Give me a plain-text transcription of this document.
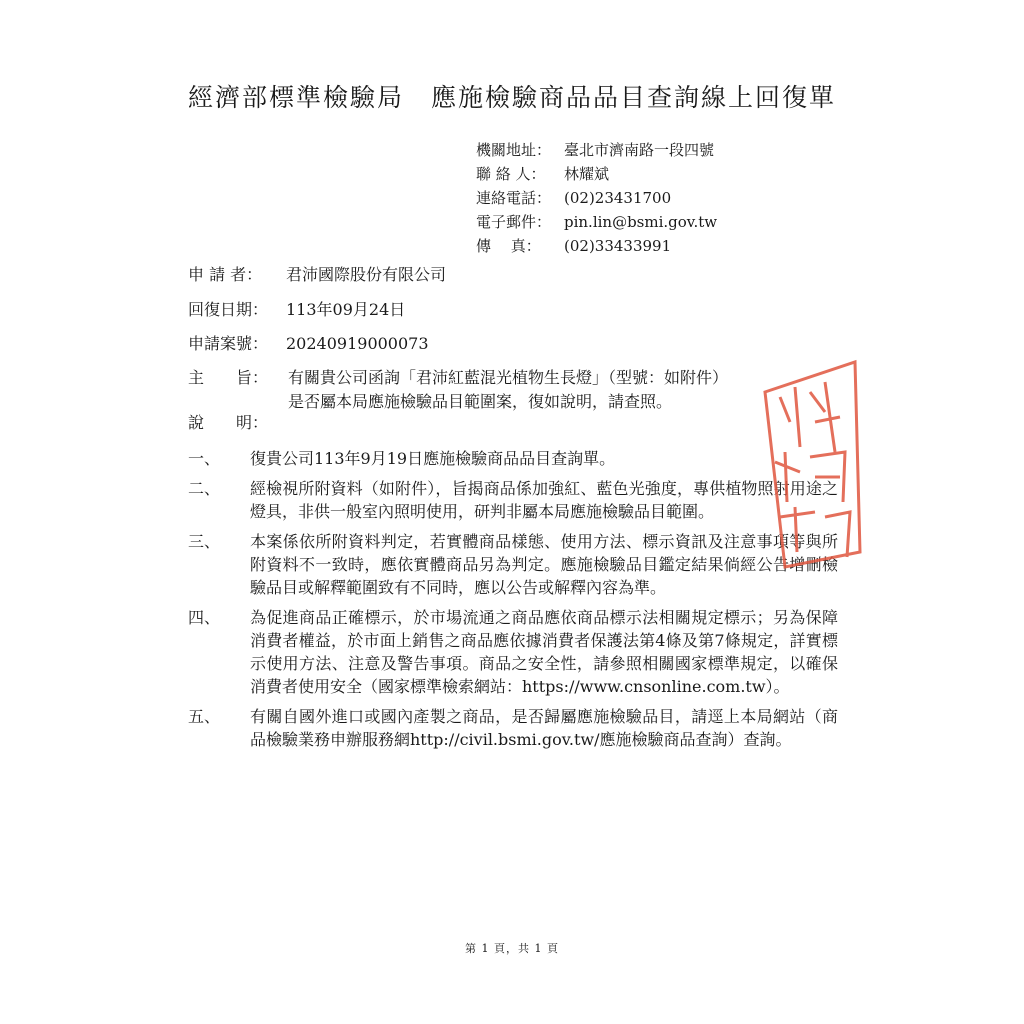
經濟部標準檢驗局　應施檢驗商品品目查詢線上回復單
機關地址： 臺北市濟南路一段四號
聯 絡 人： 林耀斌
連絡電話： (02)23431700
電子郵件： pin.lin@bsmi.gov.tw
傳　 真： (02)33433991
申 請 者： 君沛國際股份有限公司
回復日期： 113年09月24日
申請案號： 20240919000073
主　　旨： 有關貴公司函詢「君沛紅藍混光植物生長燈」（型號：如附件）
是否屬本局應施檢驗品目範圍案，復如說明，請查照。
說　　明：
一、	復貴公司113年9月19日應施檢驗商品品目查詢單。
二、	經檢視所附資料（如附件），旨揭商品係加強紅、藍色光強度，專供植物照射用途之燈具，非供一般室內照明使用，研判非屬本局應施檢驗品目範圍。
三、	本案係依所附資料判定，若實體商品樣態、使用方法、標示資訊及注意事項等與所附資料不一致時，應依實體商品另為判定。應施檢驗品目鑑定結果倘經公告增刪檢驗品目或解釋範圍致有不同時，應以公告或解釋內容為準。
四、	為促進商品正確標示，於市場流通之商品應依商品標示法相關規定標示；另為保障消費者權益，於市面上銷售之商品應依據消費者保護法第4條及第7條規定，詳實標示使用方法、注意及警告事項。商品之安全性，請參照相關國家標準規定，以確保消費者使用安全（國家標準檢索網站：https://www.cnsonline.com.tw）。
五、	有關自國外進口或國內產製之商品，是否歸屬應施檢驗品目，請逕上本局網站（商品檢驗業務申辦服務網http://civil.bsmi.gov.tw/應施檢驗商品查詢）查詢。
第 1 頁，共 1 頁
